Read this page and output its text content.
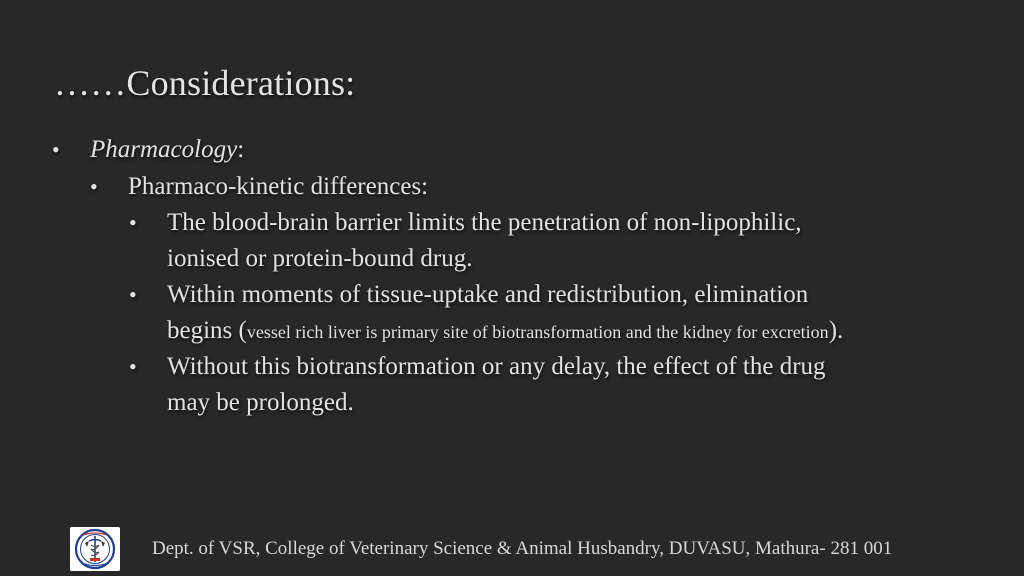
……Considerations:
• Pharmacology:
• Pharmaco-kinetic differences:
• The blood-brain barrier limits the penetration of non-lipophilic,
ionised or protein-bound drug.
• Within moments of tissue-uptake and redistribution, elimination
begins (vessel rich liver is primary site of biotransformation and the kidney for excretion).
• Without this biotransformation or any delay, the effect of the drug
may be prolonged.
Dept. of VSR, College of Veterinary Science & Animal Husbandry, DUVASU, Mathura- 281 001
